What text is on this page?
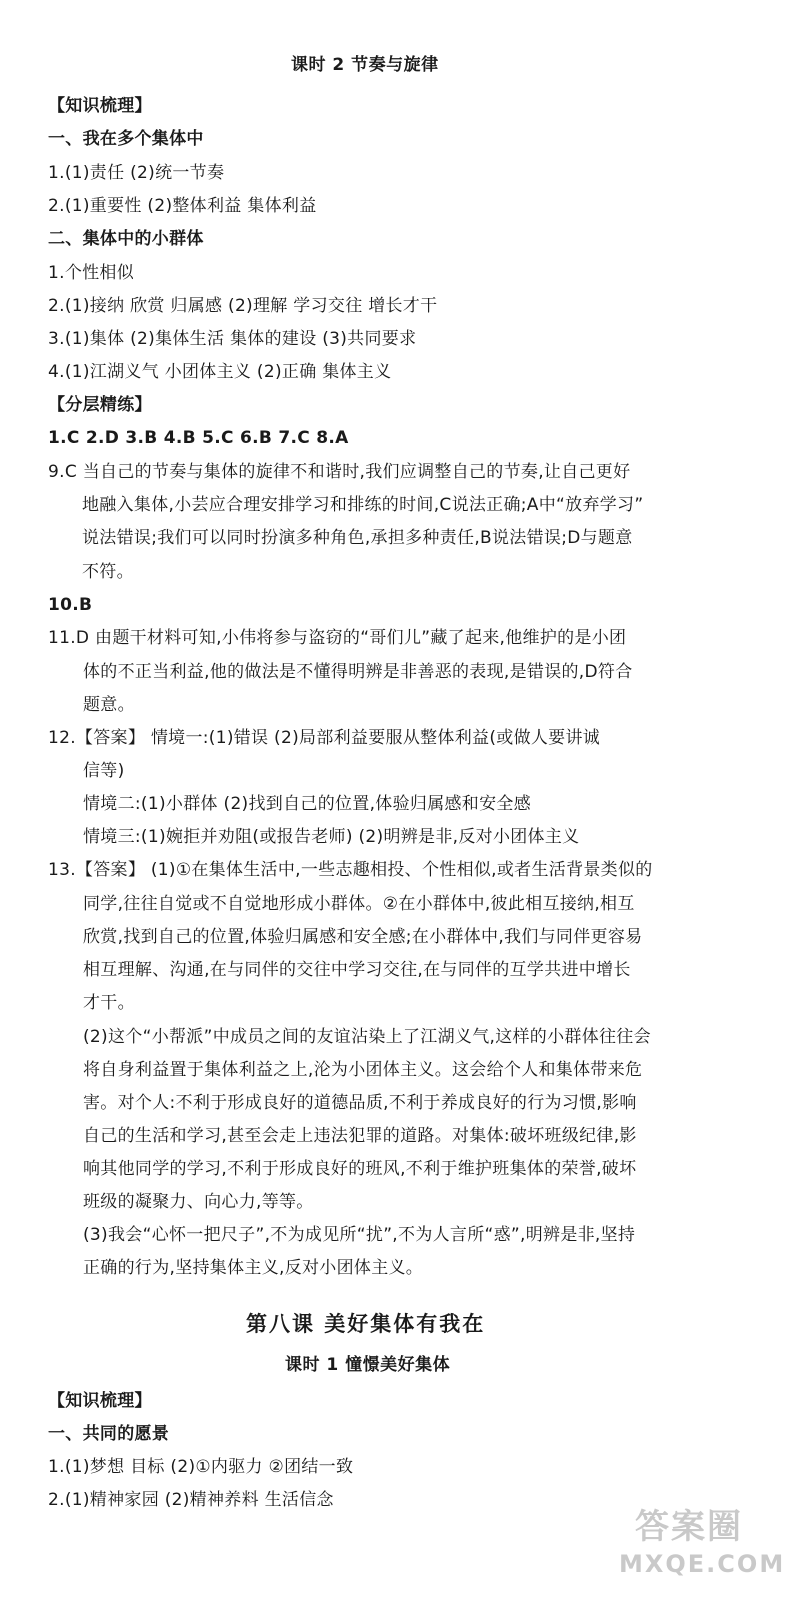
课时 2 节奏与旋律
【知识梳理】
一、我在多个集体中
1.(1)责任 (2)统一节奏
2.(1)重要性 (2)整体利益 集体利益
二、集体中的小群体
1.个性相似
2.(1)接纳 欣赏 归属感 (2)理解 学习交往 增长才干
3.(1)集体 (2)集体生活 集体的建设 (3)共同要求
4.(1)江湖义气 小团体主义 (2)正确 集体主义
【分层精练】
1.C 2.D 3.B 4.B 5.C 6.B 7.C 8.A
9.C 当自己的节奏与集体的旋律不和谐时,我们应调整自己的节奏,让自己更好
地融入集体,小芸应合理安排学习和排练的时间,C说法正确;A中“放弃学习”
说法错误;我们可以同时扮演多种角色,承担多种责任,B说法错误;D与题意
不符。
10.B
11.D 由题干材料可知,小伟将参与盗窃的“哥们儿”藏了起来,他维护的是小团
体的不正当利益,他的做法是不懂得明辨是非善恶的表现,是错误的,D符合
题意。
12.【答案】 情境一:(1)错误 (2)局部利益要服从整体利益(或做人要讲诚
信等)
情境二:(1)小群体 (2)找到自己的位置,体验归属感和安全感
情境三:(1)婉拒并劝阻(或报告老师) (2)明辨是非,反对小团体主义
13.【答案】 (1)①在集体生活中,一些志趣相投、个性相似,或者生活背景类似的
同学,往往自觉或不自觉地形成小群体。②在小群体中,彼此相互接纳,相互
欣赏,找到自己的位置,体验归属感和安全感;在小群体中,我们与同伴更容易
相互理解、沟通,在与同伴的交往中学习交往,在与同伴的互学共进中增长
才干。
(2)这个“小帮派”中成员之间的友谊沾染上了江湖义气,这样的小群体往往会
将自身利益置于集体利益之上,沦为小团体主义。这会给个人和集体带来危
害。对个人:不利于形成良好的道德品质,不利于养成良好的行为习惯,影响
自己的生活和学习,甚至会走上违法犯罪的道路。对集体:破坏班级纪律,影
响其他同学的学习,不利于形成良好的班风,不利于维护班集体的荣誉,破坏
班级的凝聚力、向心力,等等。
(3)我会“心怀一把尺子”,不为成见所“扰”,不为人言所“惑”,明辨是非,坚持
正确的行为,坚持集体主义,反对小团体主义。
第八课 美好集体有我在
课时 1 憧憬美好集体
【知识梳理】
一、共同的愿景
1.(1)梦想 目标 (2)①内驱力 ②团结一致
2.(1)精神家园 (2)精神养料 生活信念
答案圈
MXQE.COM
